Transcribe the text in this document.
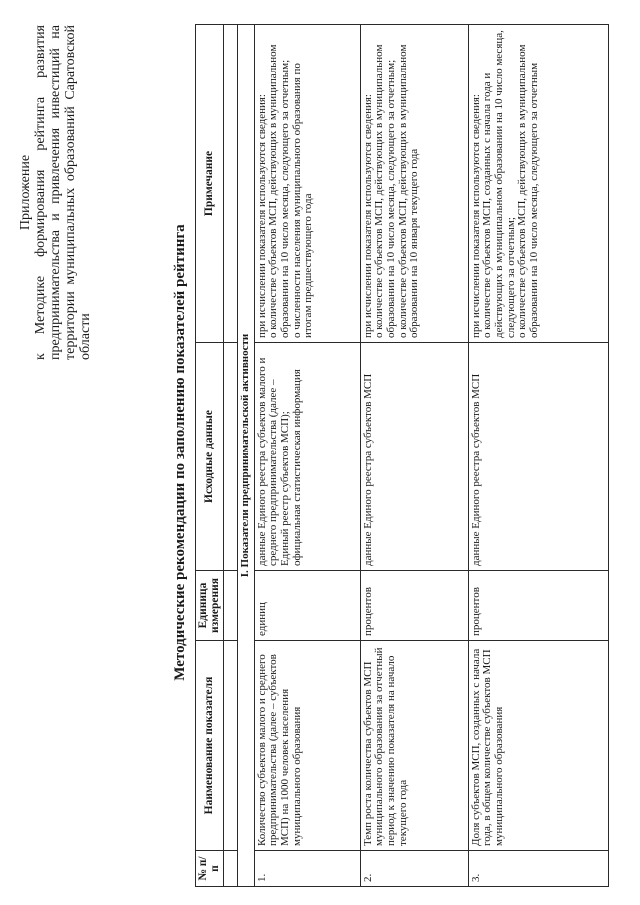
Приложение к Методике формирования рейтинга развития предпринимательства и привлечения инвестиций на территории муниципальных образований Саратовской области	Методические рекомендации по заполнению показателей рейтинга
№ п/п	Наименование показателя	Единица измерения	Исходные данные	Примечание

I. Показатели предпринимательской активности				
1.	Количество субъектов малого и среднего предпринимательства (далее – субъектов МСП) на 1000 человек населения муниципального образования	единиц	данные Единого реестра субъектов малого и среднего предпринимательства (далее – Единый реестр субъектов МСП); официальная статистическая информация	при исчислении показателя используются сведения: о количестве субъектов МСП, действующих в муниципальном образовании на 10 число месяца, следующего за отчетным; о численности населения муниципального образования по итогам предшествующего года

2.	Темп роста количества субъектов МСП муниципального образования за отчетный период к значению показателя на начало текущего года	процентов	данные Единого реестра субъектов МСП	при исчислении показателя используются сведения: о количестве субъектов МСП, действующих в муниципальном образовании на 10 число месяца, следующего за отчетным; о количестве субъектов МСП, действующих в муниципальном образовании на 10 января текущего года

3.	Доля субъектов МСП, созданных с начала года, в общем количестве субъектов МСП муниципального образования	процентов	данные Единого реестра субъектов МСП	при исчислении показателя используются сведения: о количестве субъектов МСП, созданных с начала года и действующих в муниципальном образовании на 10 число месяца, следующего за отчетным; о количестве субъектов МСП, действующих в муниципальном образовании на 10 число месяца, следующего за отчетным
